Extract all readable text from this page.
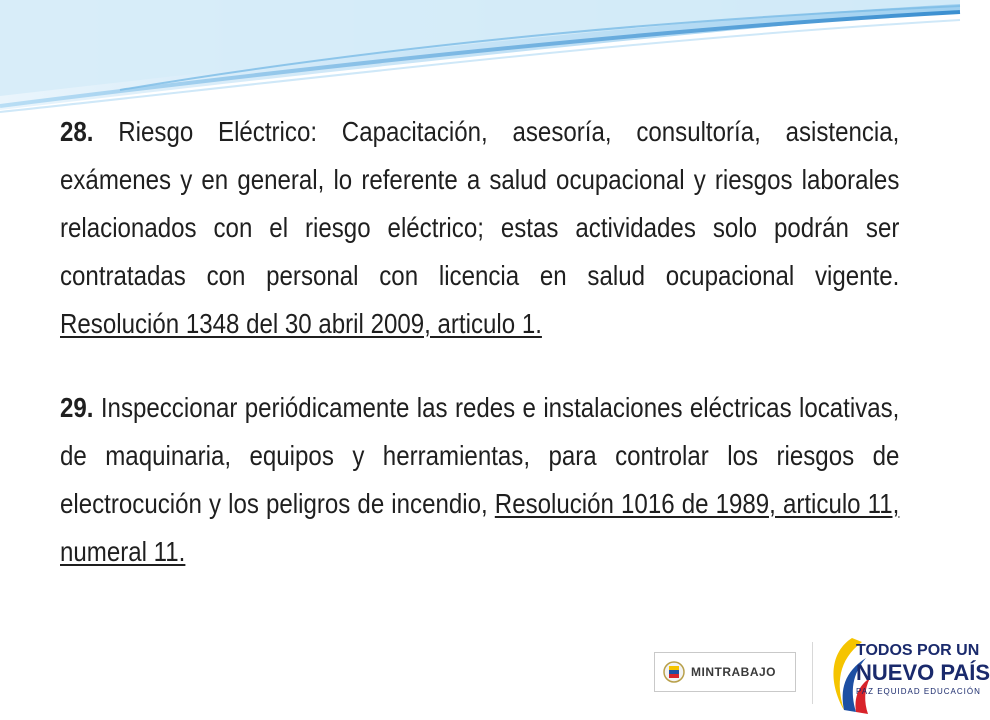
28. Riesgo Eléctrico: Capacitación, asesoría, consultoría, asistencia, exámenes y en general, lo referente a salud ocupacional y riesgos laborales relacionados con el riesgo eléctrico; estas actividades solo podrán ser contratadas con personal con licencia en salud ocupacional vigente. Resolución 1348 del 30 abril 2009, articulo 1.

29. Inspeccionar periódicamente las redes e instalaciones eléctricas locativas, de maquinaria, equipos y herramientas, para controlar los riesgos de electrocución y los peligros de incendio, Resolución 1016 de 1989, articulo 11, numeral 11.

MINTRABAJO
TODOS POR UN
NUEVO PAÍS
PAZ EQUIDAD EDUCACIÓN
